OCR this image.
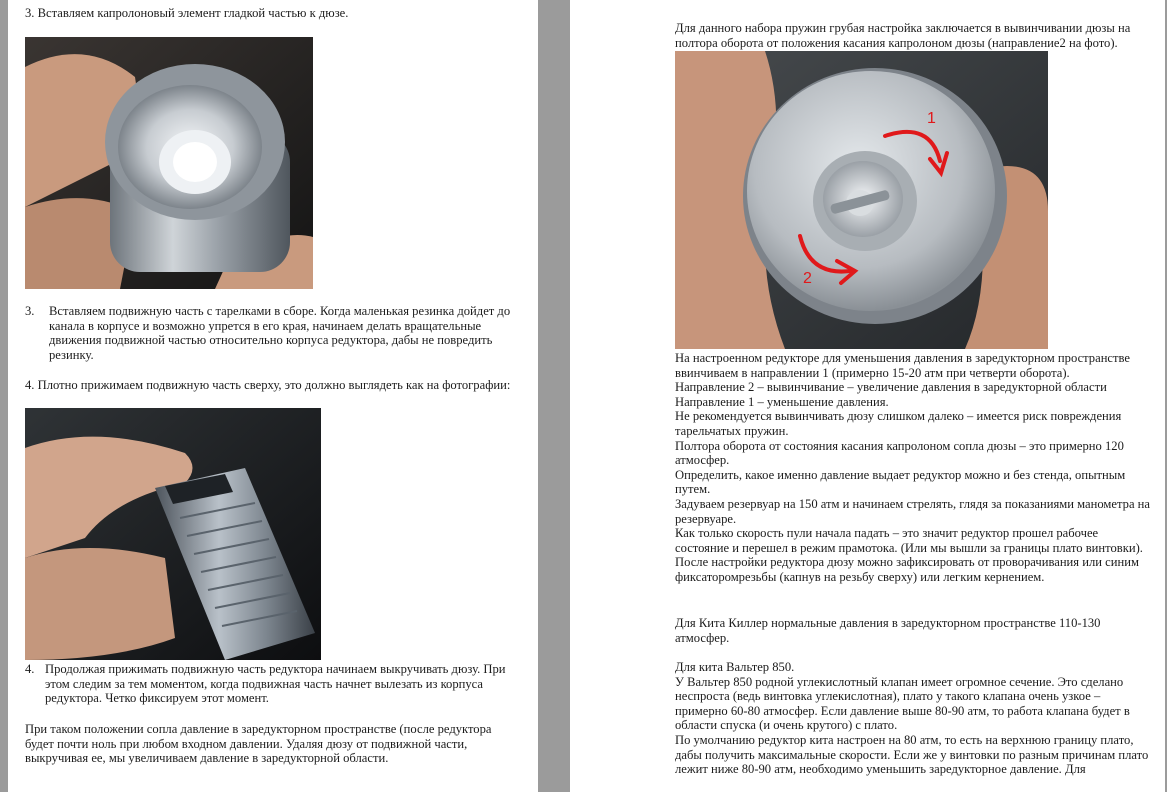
3. Вставляем капролоновый элемент гладкой частью к дюзе.
3. Вставляем подвижную часть с тарелками в сборе. Когда маленькая резинка дойдет до канала в корпусе и возможно упрется в его края, начинаем делать вращательные движения подвижной частью относительно корпуса редуктора, дабы не повредить резинку.
4. Плотно прижимаем подвижную часть сверху, это должно выглядеть как на фотографии:
4. Продолжая прижимать подвижную часть редуктора начинаем выкручивать дюзу. При этом следим за тем моментом, когда подвижная часть начнет вылезать из корпуса редуктора. Четко фиксируем этот момент.
При таком положении сопла давление в заредукторном пространстве (после редуктора будет почти ноль при любом входном давлении. Удаляя дюзу от подвижной части, выкручивая ее, мы увеличиваем давление в заредукторной области.
Для данного набора пружин грубая настройка заключается в вывинчивании дюзы на полтора оборота от положения касания капролоном дюзы (направление2 на фото).
1
2

На настроенном редукторе для уменьшения давления в заредукторном пространстве ввинчиваем в направлении 1 (примерно 15-20 атм при четверти оборота).

Направление 2 – вывинчивание – увеличение давления в заредукторной области

Направление 1 – уменьшение давления.

Не рекомендуется вывинчивать дюзу слишком далеко – имеется риск повреждения тарельчатых пружин.

Полтора оборота от состояния касания капролоном сопла дюзы – это примерно 120 атмосфер.

Определить, какое именно давление выдает редуктор можно и без стенда, опытным путем.

Задуваем резервуар на 150 атм и начинаем стрелять, глядя за показаниями манометра на резервуаре.

Как только скорость пули начала падать – это значит редуктор прошел рабочее состояние и перешел в режим прамотока. (Или мы вышли за границы плато винтовки).

После настройки редуктора дюзу можно зафиксировать от проворачивания или синим фиксаторомрезьбы (капнув на резьбу сверху) или легким кернением.

Для Кита Киллер нормальные давления в заредукторном пространстве 110-130 атмосфер.

Для кита Вальтер 850.

У Вальтер 850 родной углекислотный клапан имеет огромное сечение. Это сделано неспроста (ведь винтовка углекислотная), плато у такого клапана очень узкое – примерно 60-80 атмосфер. Если давление выше 80-90 атм, то работа клапана будет в области спуска (и очень крутого) с плато.

По умолчанию редуктор кита настроен на 80 атм, то есть на верхнюю границу плато, дабы получить максимальные скорости. Если же у винтовки по разным причинам плато лежит ниже 80-90 атм, необходимо уменьшить заредукторное давление. Для
